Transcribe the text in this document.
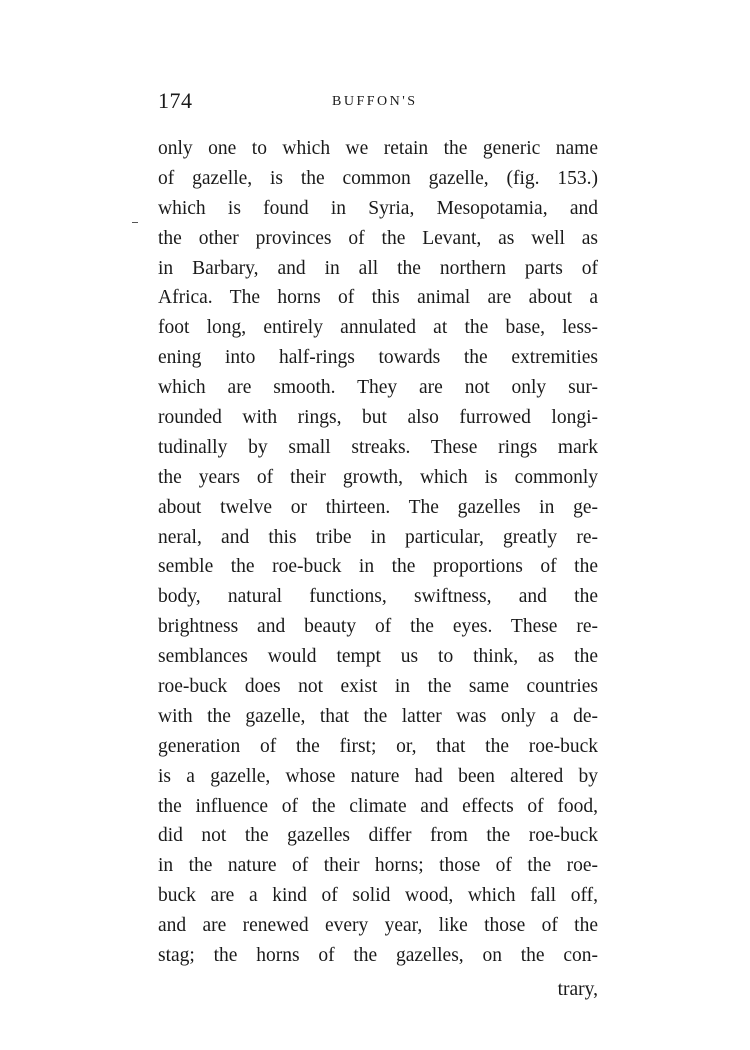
174	BUFFON'S
only one to which we retain the generic name
of gazelle, is the common gazelle, (fig. 153.)
which is found in Syria, Mesopotamia, and
the other provinces of the Levant, as well as
in Barbary, and in all the northern parts of
Africa. The horns of this animal are about a
foot long, entirely annulated at the base, less-
ening into half-rings towards the extremities
which are smooth. They are not only sur-
rounded with rings, but also furrowed longi-
tudinally by small streaks. These rings mark
the years of their growth, which is commonly
about twelve or thirteen. The gazelles in ge-
neral, and this tribe in particular, greatly re-
semble the roe-buck in the proportions of the
body, natural functions, swiftness, and the
brightness and beauty of the eyes. These re-
semblances would tempt us to think, as the
roe-buck does not exist in the same countries
with the gazelle, that the latter was only a de-
generation of the first; or, that the roe-buck
is a gazelle, whose nature had been altered by
the influence of the climate and effects of food,
did not the gazelles differ from the roe-buck
in the nature of their horns; those of the roe-
buck are a kind of solid wood, which fall off,
and are renewed every year, like those of the
stag; the horns of the gazelles, on the con-
trary,
